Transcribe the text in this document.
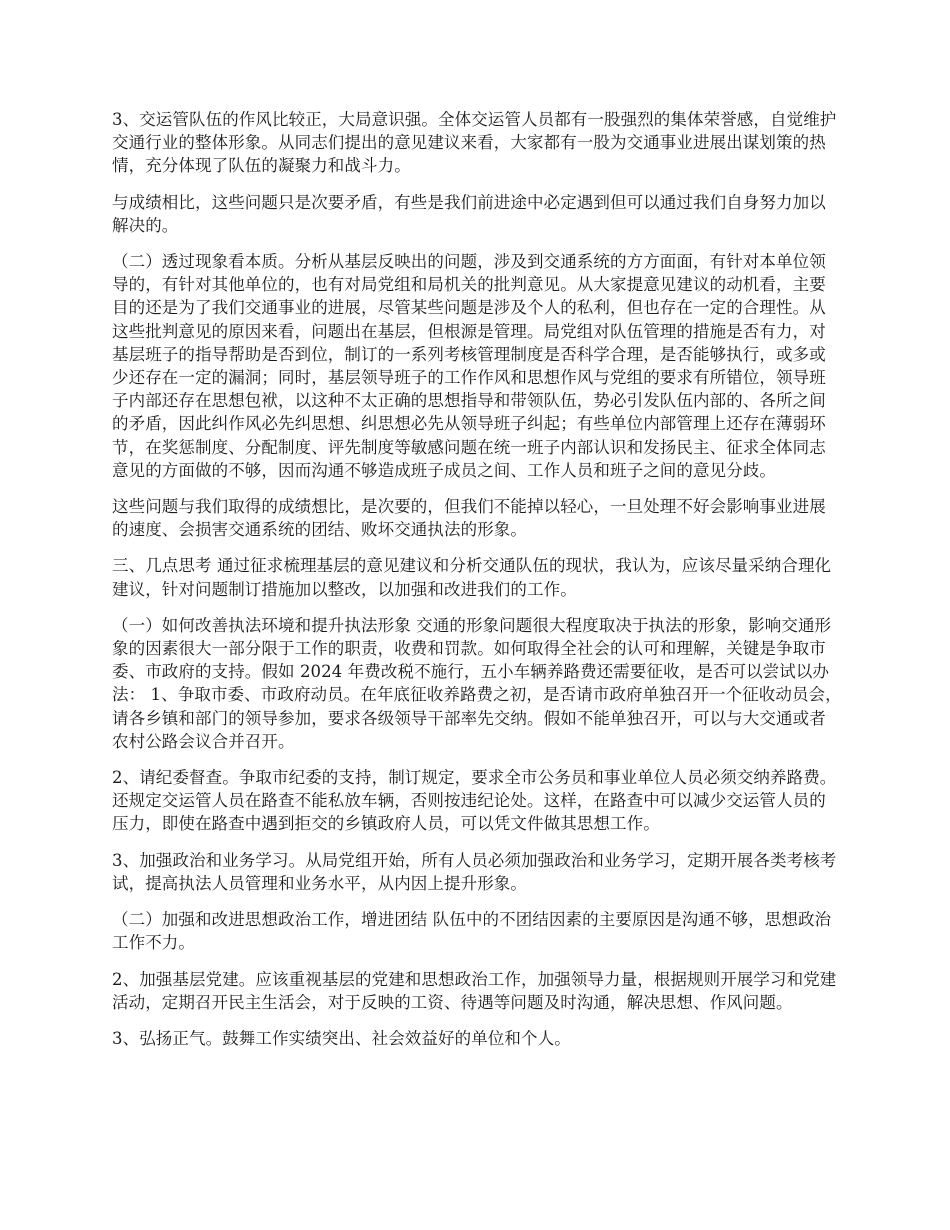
3、交运管队伍的作风比较正，大局意识强。全体交运管人员都有一股强烈的集体荣誉感，自觉维护交通行业的整体形象。从同志们提出的意见建议来看，大家都有一股为交通事业进展出谋划策的热情，充分体现了队伍的凝聚力和战斗力。

与成绩相比，这些问题只是次要矛盾，有些是我们前进途中必定遇到但可以通过我们自身努力加以解决的。

（二）透过现象看本质。分析从基层反映出的问题，涉及到交通系统的方方面面，有针对本单位领导的，有针对其他单位的，也有对局党组和局机关的批判意见。从大家提意见建议的动机看，主要目的还是为了我们交通事业的进展，尽管某些问题是涉及个人的私利，但也存在一定的合理性。从这些批判意见的原因来看，问题出在基层，但根源是管理。局党组对队伍管理的措施是否有力，对基层班子的指导帮助是否到位，制订的一系列考核管理制度是否科学合理，是否能够执行，或多或少还存在一定的漏洞；同时，基层领导班子的工作作风和思想作风与党组的要求有所错位，领导班子内部还存在思想包袱，以这种不太正确的思想指导和带领队伍，势必引发队伍内部的、各所之间的矛盾，因此纠作风必先纠思想、纠思想必先从领导班子纠起；有些单位内部管理上还存在薄弱环节，在奖惩制度、分配制度、评先制度等敏感问题在统一班子内部认识和发扬民主、征求全体同志意见的方面做的不够，因而沟通不够造成班子成员之间、工作人员和班子之间的意见分歧。

这些问题与我们取得的成绩想比，是次要的，但我们不能掉以轻心，一旦处理不好会影响事业进展的速度、会损害交通系统的团结、败坏交通执法的形象。

三、几点思考 通过征求梳理基层的意见建议和分析交通队伍的现状，我认为，应该尽量采纳合理化建议，针对问题制订措施加以整改，以加强和改进我们的工作。

（一）如何改善执法环境和提升执法形象 交通的形象问题很大程度取决于执法的形象，影响交通形象的因素很大一部分限于工作的职责，收费和罚款。如何取得全社会的认可和理解，关键是争取市委、市政府的支持。假如 2024 年费改税不施行，五小车辆养路费还需要征收，是否可以尝试以办法： 1、争取市委、市政府动员。在年底征收养路费之初，是否请市政府单独召开一个征收动员会，请各乡镇和部门的领导参加，要求各级领导干部率先交纳。假如不能单独召开，可以与大交通或者农村公路会议合并召开。

2、请纪委督查。争取市纪委的支持，制订规定，要求全市公务员和事业单位人员必须交纳养路费。还规定交运管人员在路查不能私放车辆，否则按违纪论处。这样，在路查中可以减少交运管人员的压力，即使在路查中遇到拒交的乡镇政府人员，可以凭文件做其思想工作。

3、加强政治和业务学习。从局党组开始，所有人员必须加强政治和业务学习，定期开展各类考核考试，提高执法人员管理和业务水平，从内因上提升形象。

（二）加强和改进思想政治工作，增进团结 队伍中的不团结因素的主要原因是沟通不够，思想政治工作不力。

2、加强基层党建。应该重视基层的党建和思想政治工作，加强领导力量，根据规则开展学习和党建活动，定期召开民主生活会，对于反映的工资、待遇等问题及时沟通，解决思想、作风问题。

3、弘扬正气。鼓舞工作实绩突出、社会效益好的单位和个人。
